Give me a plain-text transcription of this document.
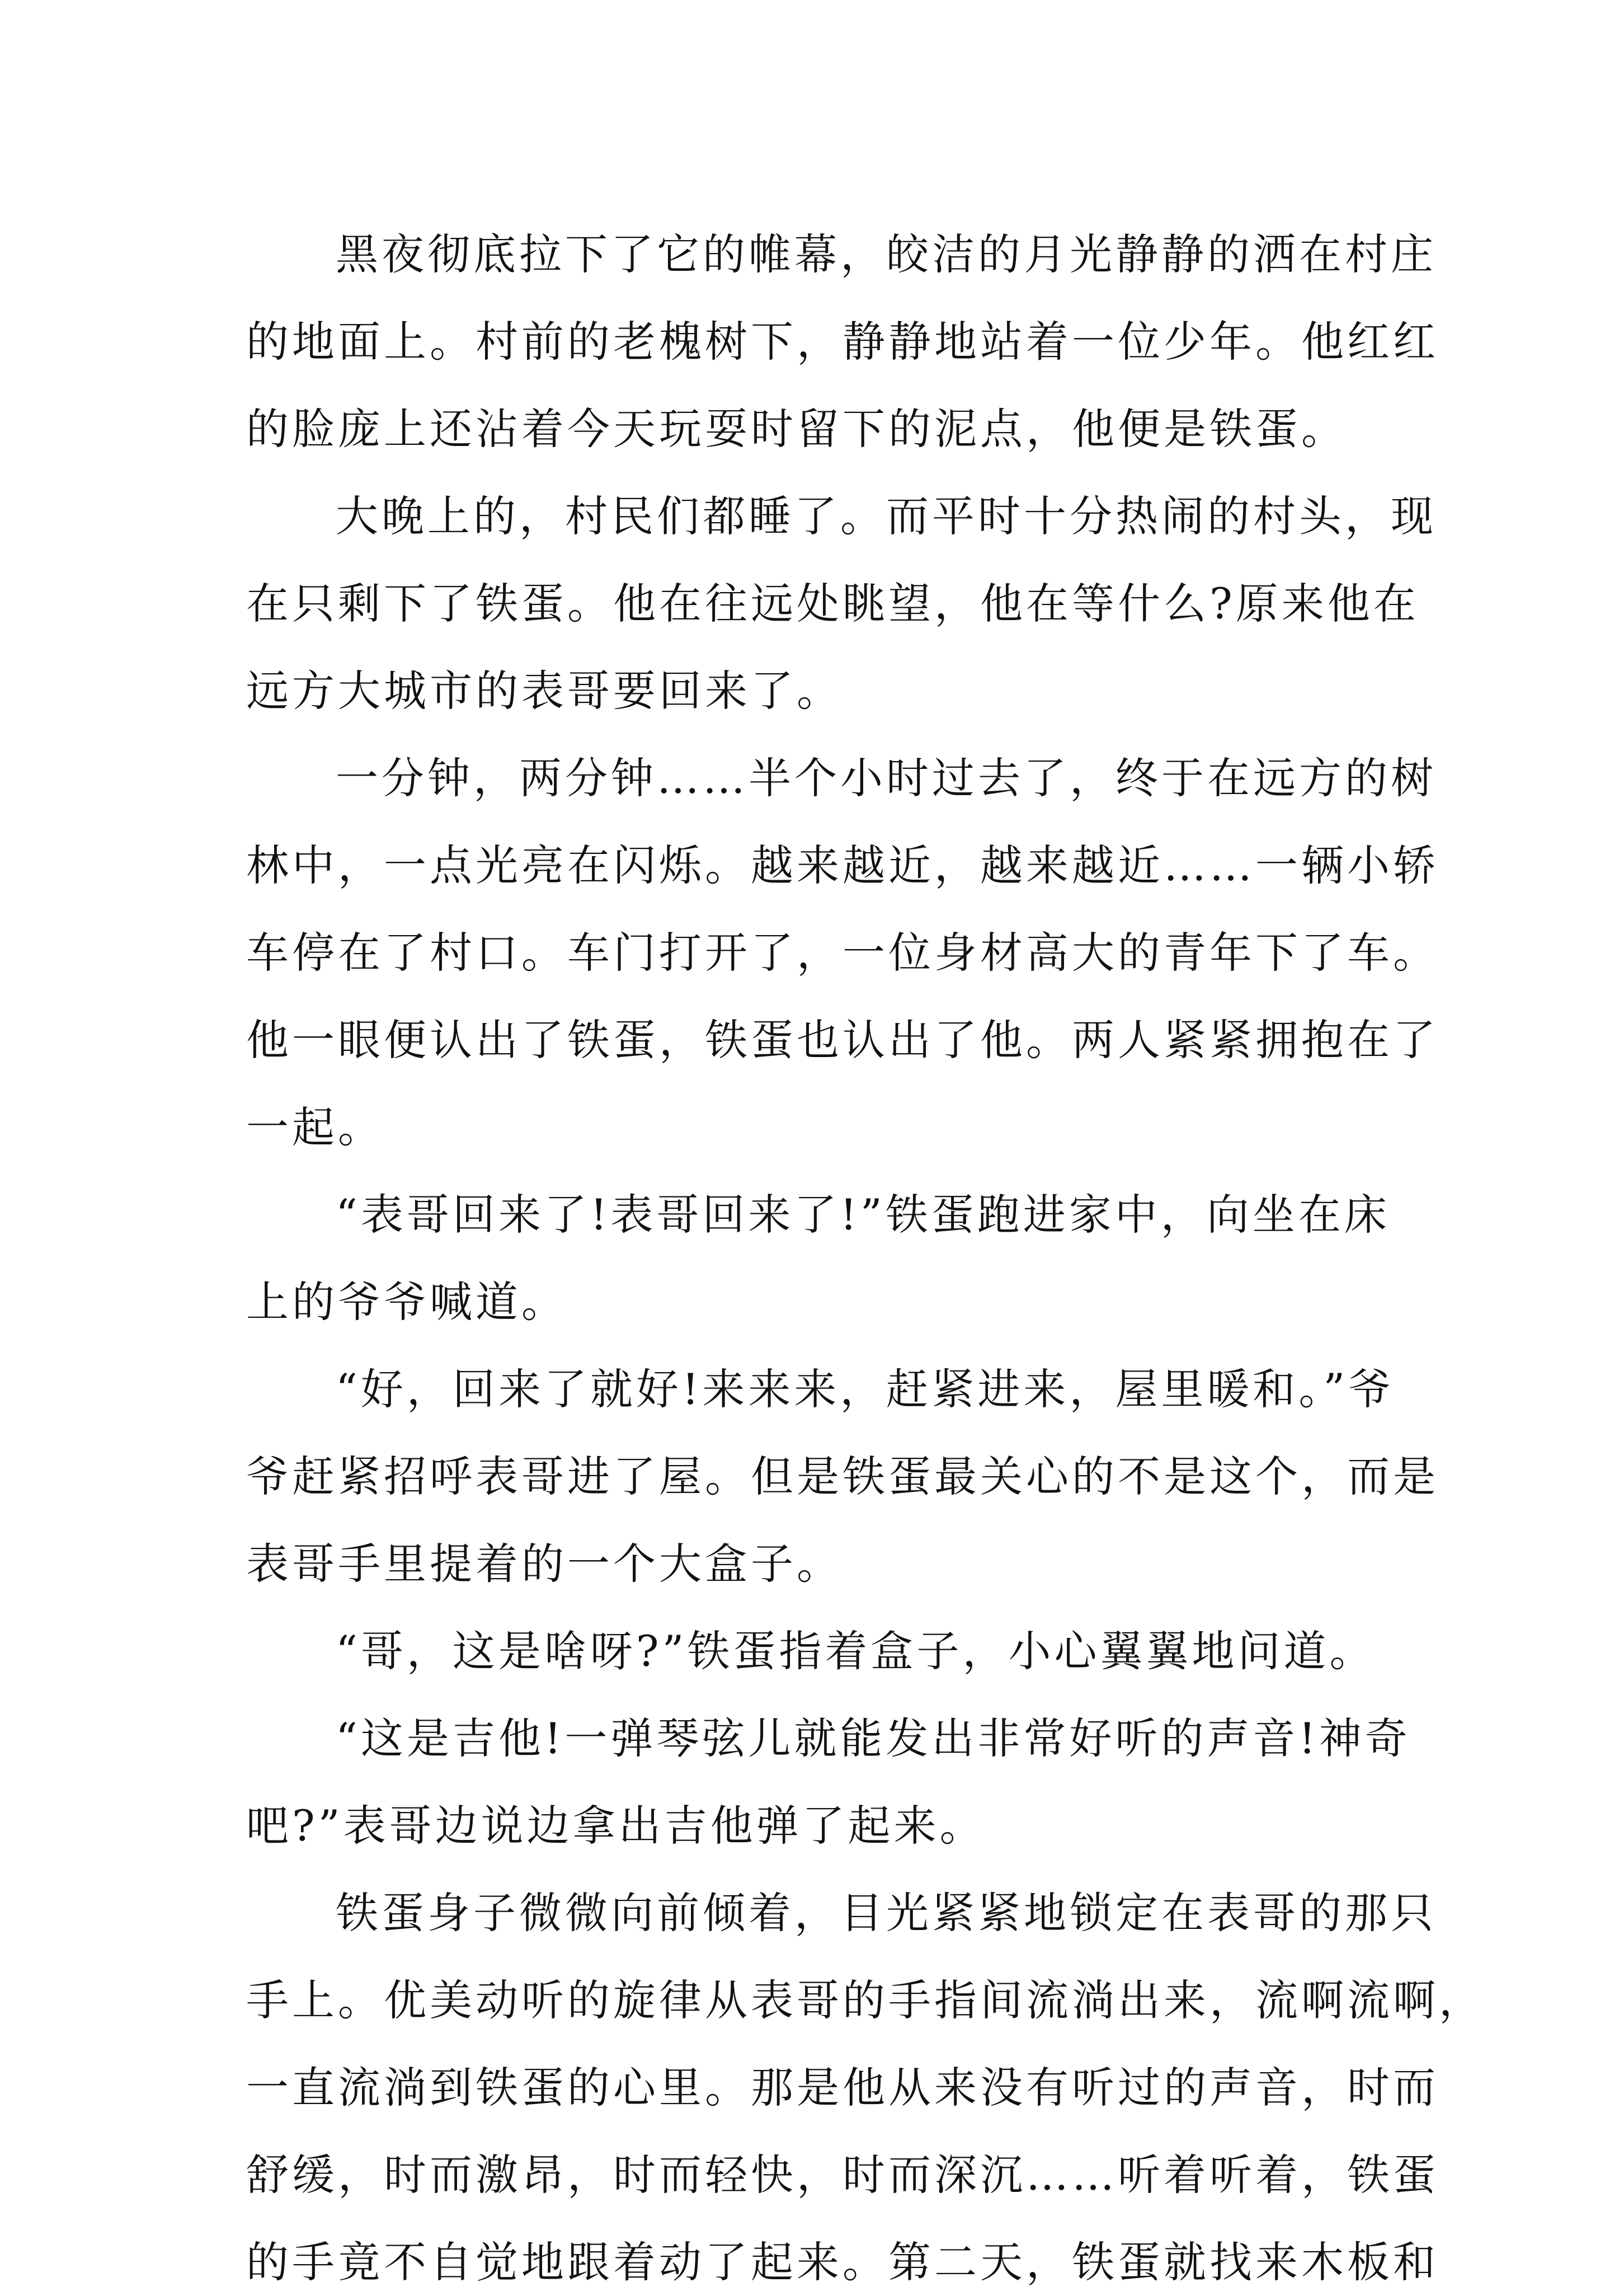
黑夜彻底拉下了它的帷幕，皎洁的月光静静的洒在村庄
的地面上。村前的老槐树下，静静地站着一位少年。他红红
的脸庞上还沾着今天玩耍时留下的泥点，他便是铁蛋。
大晚上的，村民们都睡了。而平时十分热闹的村头，现
在只剩下了铁蛋。他在往远处眺望，他在等什么?原来他在
远方大城市的表哥要回来了。
一分钟，两分钟……半个小时过去了，终于在远方的树
林中，一点光亮在闪烁。越来越近，越来越近……一辆小轿
车停在了村口。车门打开了，一位身材高大的青年下了车。
他一眼便认出了铁蛋，铁蛋也认出了他。两人紧紧拥抱在了
一起。
“表哥回来了!表哥回来了!”铁蛋跑进家中，向坐在床
上的爷爷喊道。
“好，回来了就好!来来来，赶紧进来，屋里暖和。”爷
爷赶紧招呼表哥进了屋。但是铁蛋最关心的不是这个，而是
表哥手里提着的一个大盒子。
“哥，这是啥呀?”铁蛋指着盒子，小心翼翼地问道。
“这是吉他!一弹琴弦儿就能发出非常好听的声音!神奇
吧?”表哥边说边拿出吉他弹了起来。
铁蛋身子微微向前倾着，目光紧紧地锁定在表哥的那只
手上。优美动听的旋律从表哥的手指间流淌出来，流啊流啊，
一直流淌到铁蛋的心里。那是他从来没有听过的声音，时而
舒缓，时而激昂，时而轻快，时而深沉……听着听着，铁蛋
的手竟不自觉地跟着动了起来。第二天，铁蛋就找来木板和
